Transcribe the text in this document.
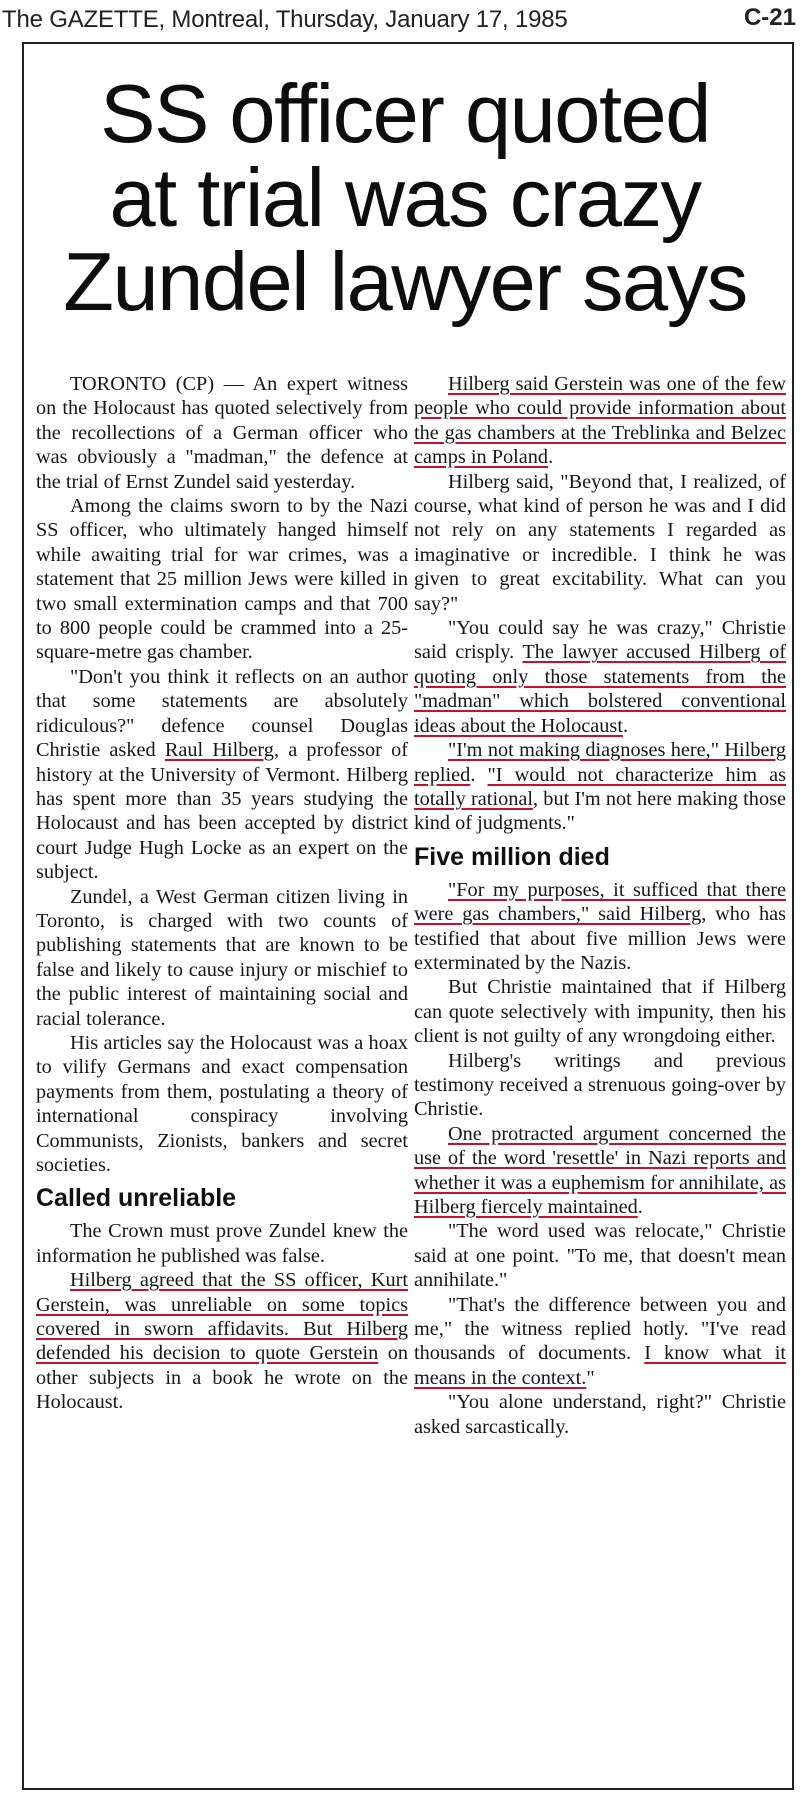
The GAZETTE, Montreal, Thursday, January 17, 1985	C-21
SS officer quoted
at trial was crazy
Zundel lawyer says

TORONTO (CP) — An expert witness on the Holocaust has quoted selectively from the recollections of a German officer who was obviously a "madman," the defence at the trial of Ernst Zundel said yesterday.

Among the claims sworn to by the Nazi SS officer, who ultimately hanged himself while awaiting trial for war crimes, was a statement that 25 million Jews were killed in two small extermination camps and that 700 to 800 people could be crammed into a 25-square-metre gas chamber.

"Don't you think it reflects on an author that some statements are absolutely ridiculous?" defence counsel Douglas Christie asked Raul Hilberg, a professor of history at the University of Vermont. Hilberg has spent more than 35 years studying the Holocaust and has been accepted by district court Judge Hugh Locke as an expert on the subject.

Zundel, a West German citizen living in Toronto, is charged with two counts of publishing statements that are known to be false and likely to cause injury or mischief to the public interest of maintaining social and racial tolerance.

His articles say the Holocaust was a hoax to vilify Germans and exact compensation payments from them, postulating a theory of international conspiracy involving Communists, Zionists, bankers and secret societies.

Called unreliable

The Crown must prove Zundel knew the information he published was false.

Hilberg agreed that the SS officer, Kurt Gerstein, was unreliable on some topics covered in sworn affidavits. But Hilberg defended his decision to quote Gerstein on other subjects in a book he wrote on the Holocaust.

Hilberg said Gerstein was one of the few people who could provide information about the gas chambers at the Treblinka and Belzec camps in Poland.

Hilberg said, "Beyond that, I realized, of course, what kind of person he was and I did not rely on any statements I regarded as imaginative or incredible. I think he was given to great excitability. What can you say?"

"You could say he was crazy," Christie said crisply. The lawyer accused Hilberg of quoting only those statements from the "madman" which bolstered conventional ideas about the Holocaust.

"I'm not making diagnoses here," Hilberg replied. "I would not characterize him as totally rational, but I'm not here making those kind of judgments."

Five million died

"For my purposes, it sufficed that there were gas chambers," said Hilberg, who has testified that about five million Jews were exterminated by the Nazis.

But Christie maintained that if Hilberg can quote selectively with impunity, then his client is not guilty of any wrongdoing either.

Hilberg's writings and previous testimony received a strenuous going-over by Christie.

One protracted argument concerned the use of the word 'resettle' in Nazi reports and whether it was a euphemism for annihilate, as Hilberg fiercely maintained.

"The word used was relocate," Christie said at one point. "To me, that doesn't mean annihilate."

"That's the difference between you and me," the witness replied hotly. "I've read thousands of documents. I know what it means in the context."

"You alone understand, right?" Christie asked sarcastically.
